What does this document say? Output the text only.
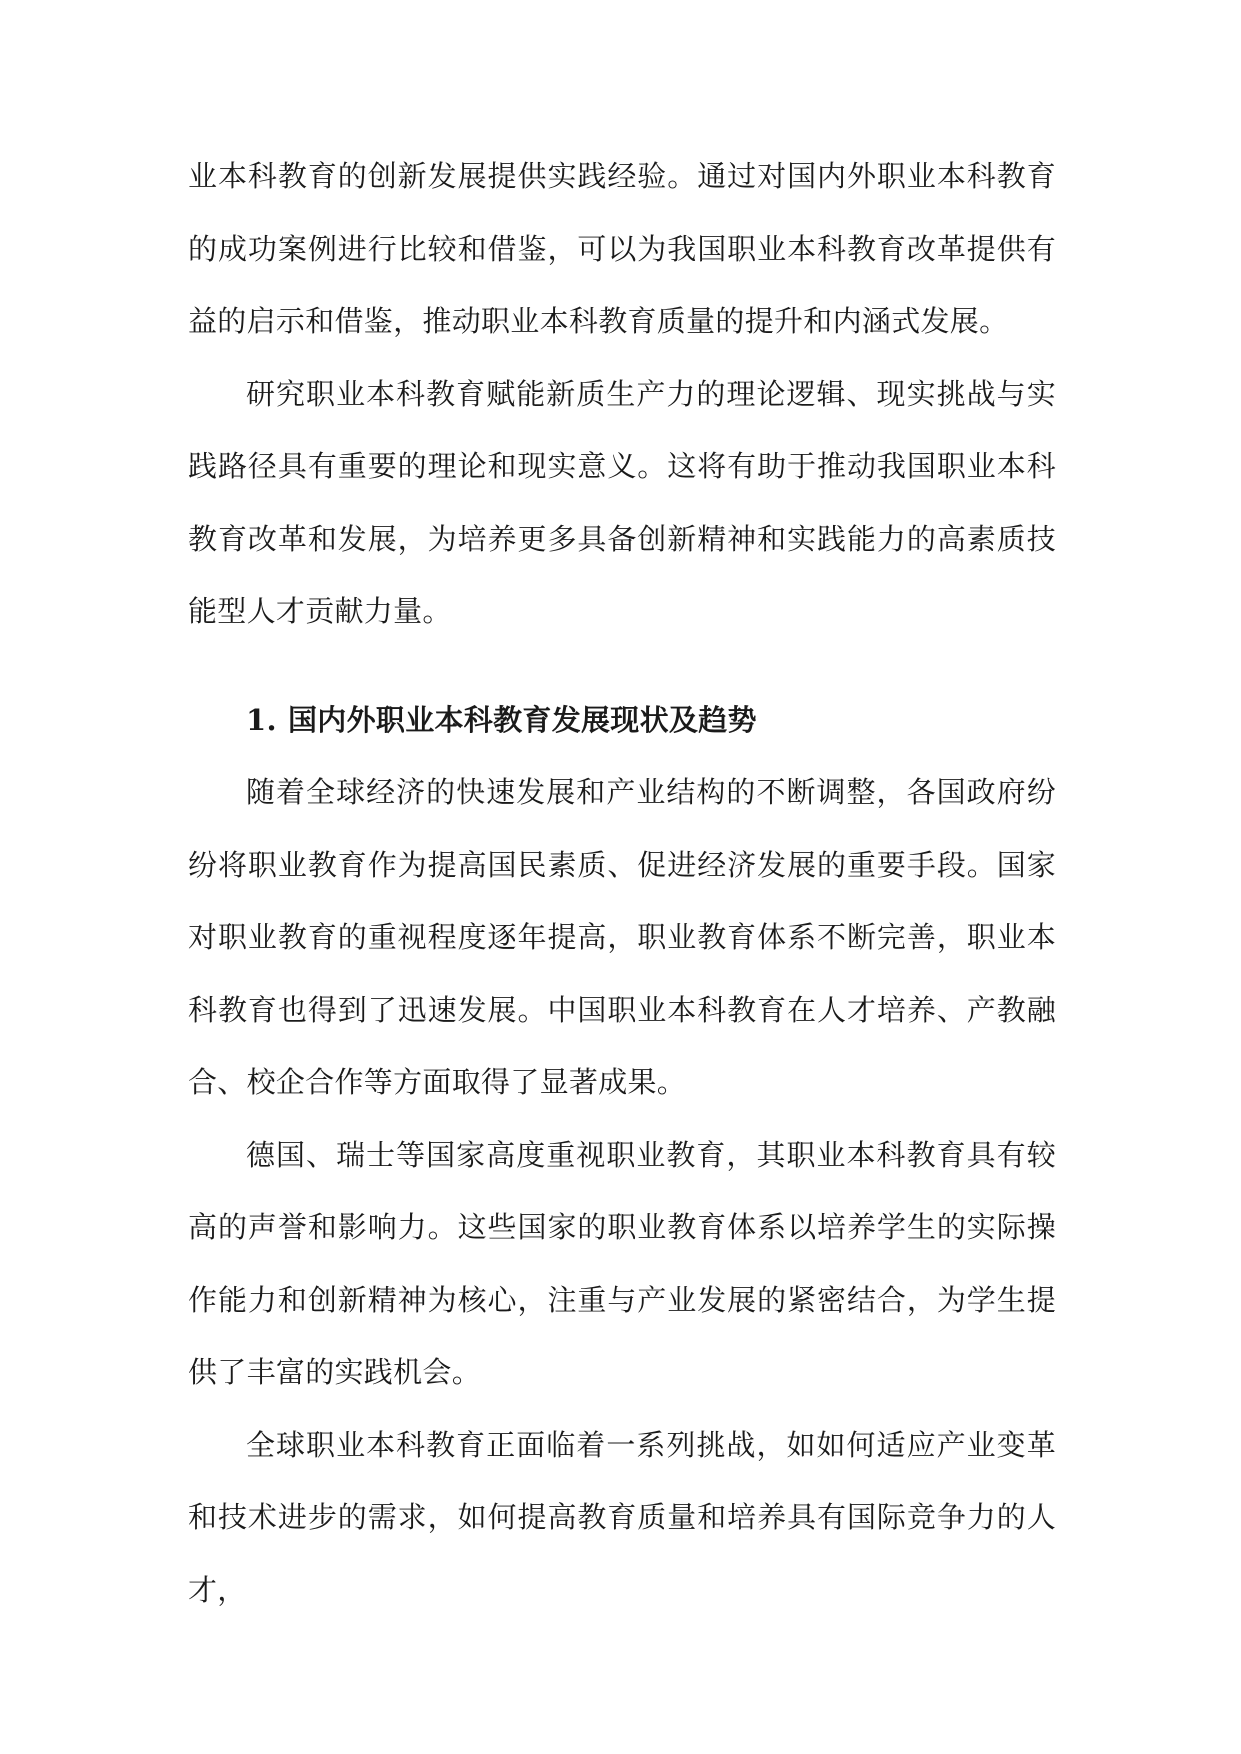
业本科教育的创新发展提供实践经验。通过对国内外职业本科教育的成功案例进行比较和借鉴，可以为我国职业本科教育改革提供有益的启示和借鉴，推动职业本科教育质量的提升和内涵式发展。

研究职业本科教育赋能新质生产力的理论逻辑、现实挑战与实践路径具有重要的理论和现实意义。这将有助于推动我国职业本科教育改革和发展，为培养更多具备创新精神和实践能力的高素质技能型人才贡献力量。

1. 国内外职业本科教育发展现状及趋势

随着全球经济的快速发展和产业结构的不断调整，各国政府纷纷将职业教育作为提高国民素质、促进经济发展的重要手段。国家对职业教育的重视程度逐年提高，职业教育体系不断完善，职业本科教育也得到了迅速发展。中国职业本科教育在人才培养、产教融合、校企合作等方面取得了显著成果。

德国、瑞士等国家高度重视职业教育，其职业本科教育具有较高的声誉和影响力。这些国家的职业教育体系以培养学生的实际操作能力和创新精神为核心，注重与产业发展的紧密结合，为学生提供了丰富的实践机会。

全球职业本科教育正面临着一系列挑战，如如何适应产业变革和技术进步的需求，如何提高教育质量和培养具有国际竞争力的人才，
